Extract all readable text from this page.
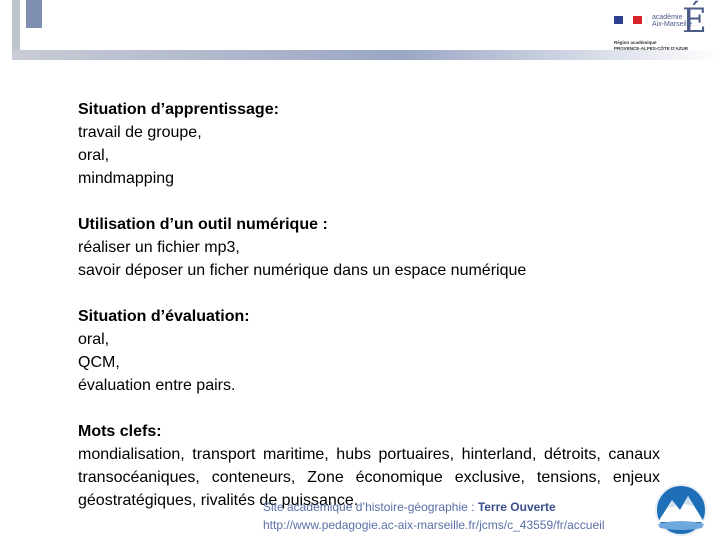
académie
Aix-Marseille
É
Région académique
PROVENCE-ALPES-CÔTE D’AZUR

Situation d’apprentissage:

travail de groupe,

oral,

mindmapping

Utilisation d’un outil numérique :

réaliser un fichier mp3,

savoir déposer un ficher numérique dans un espace numérique

Situation d’évaluation:

oral,

QCM,

évaluation entre pairs.

Mots clefs:

mondialisation, transport maritime, hubs portuaires, hinterland, détroits, canaux transocéaniques, conteneurs, Zone économique exclusive, tensions, enjeux géostratégiques, rivalités de puissance.

Site académique d’histoire-géographie : Terre Ouverte
http://www.pedagogie.ac-aix-marseille.fr/jcms/c_43559/fr/accueil
